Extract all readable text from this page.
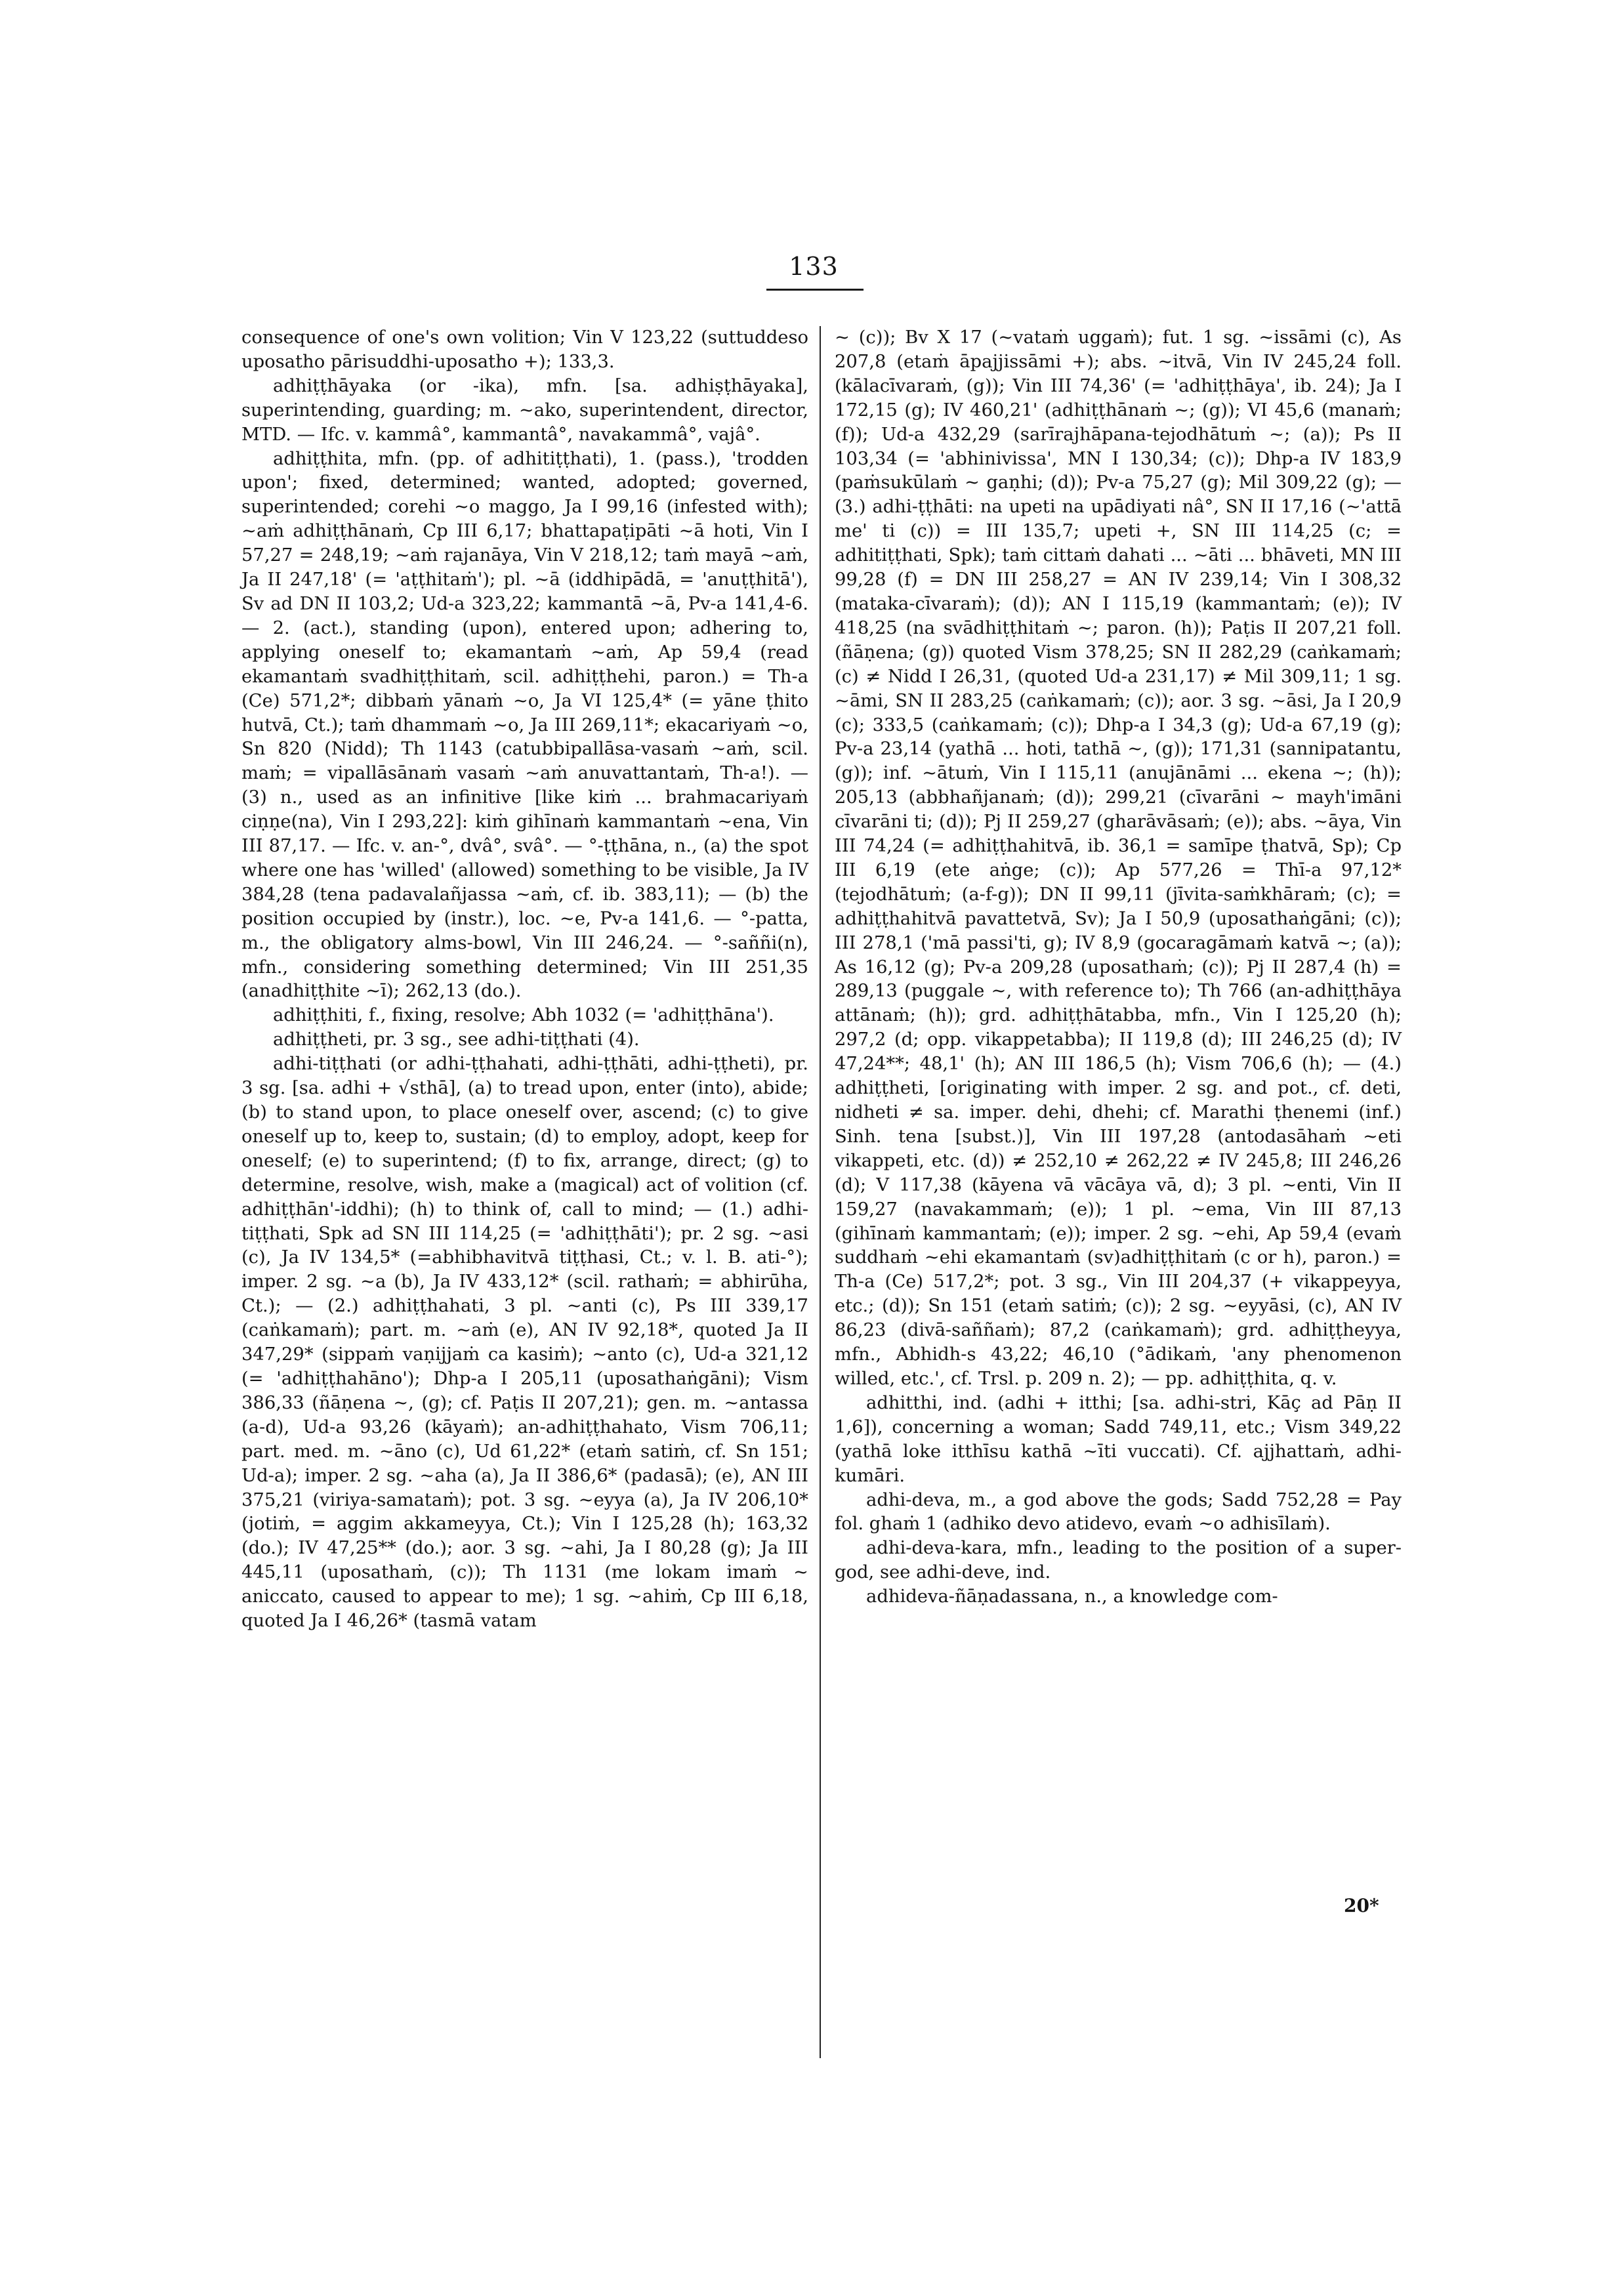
133

consequence of one's own volition; Vin V 123,22 (suttuddeso uposatho pārisuddhi-uposatho +); 133,3.

adhiṭṭhāyaka (or -ika), mfn. [sa. adhiṣṭhāyaka], superintending, guarding; m. ~ako, superintendent, director, MTD. — Ifc. v. kammâ°, kammantâ°, navakammâ°, vajâ°.

adhiṭṭhita, mfn. (pp. of adhitiṭṭhati), 1. (pass.), 'trodden upon'; fixed, determined; wanted, adopted; governed, superintended; corehi ~o maggo, Ja I 99,16 (infested with); ~aṁ adhiṭṭhānaṁ, Cp III 6,17; bhattapaṭipāti ~ā hoti, Vin I 57,27 = 248,19; ~aṁ rajanāya, Vin V 218,12; taṁ mayā ~aṁ, Ja II 247,18' (= 'aṭṭhitaṁ'); pl. ~ā (iddhipādā, = 'anuṭṭhitā'), Sv ad DN II 103,2; Ud-a 323,22; kammantā ~ā, Pv-a 141,4-6. — 2. (act.), standing (upon), entered upon; adhering to, applying oneself to; ekamantaṁ ~aṁ, Ap 59,4 (read ekamantaṁ svadhiṭṭhitaṁ, scil. adhiṭṭhehi, paron.) = Th-a (Ce) 571,2*; dibbaṁ yānaṁ ~o, Ja VI 125,4* (= yāne ṭhito hutvā, Ct.); taṁ dhammaṁ ~o, Ja III 269,11*; ekacariyaṁ ~o, Sn 820 (Nidd); Th 1143 (catubbipallāsa-vasaṁ ~aṁ, scil. maṁ; = vipallāsānaṁ vasaṁ ~aṁ anuvattantaṁ, Th-a!). — (3) n., used as an infinitive [like kiṁ ... brahmacariyaṁ ciṇṇe(na), Vin I 293,22]: kiṁ gihīnaṁ kammantaṁ ~ena, Vin III 87,17. — Ifc. v. an-°, dvâ°, svâ°. — °-ṭṭhāna, n., (a) the spot where one has 'willed' (allowed) something to be visible, Ja IV 384,28 (tena padavalañjassa ~aṁ, cf. ib. 383,11); — (b) the position occupied by (instr.), loc. ~e, Pv-a 141,6. — °-patta, m., the obligatory alms-bowl, Vin III 246,24. — °-saññi(n), mfn., considering something determined; Vin III 251,35 (anadhiṭṭhite ~ī); 262,13 (do.).

adhiṭṭhiti, f., fixing, resolve; Abh 1032 (= 'adhiṭṭhāna').

adhiṭṭheti, pr. 3 sg., see adhi-tiṭṭhati (4).

adhi-tiṭṭhati (or adhi-ṭṭhahati, adhi-ṭṭhāti, adhi-ṭṭheti), pr. 3 sg. [sa. adhi + √sthā], (a) to tread upon, enter (into), abide; (b) to stand upon, to place oneself over, ascend; (c) to give oneself up to, keep to, sustain; (d) to employ, adopt, keep for oneself; (e) to superintend; (f) to fix, arrange, direct; (g) to determine, resolve, wish, make a (magical) act of volition (cf. adhiṭṭhān'-iddhi); (h) to think of, call to mind; — (1.) adhi-tiṭṭhati, Spk ad SN III 114,25 (= 'adhiṭṭhāti'); pr. 2 sg. ~asi (c), Ja IV 134,5* (=abhibhavitvā tiṭṭhasi, Ct.; v. l. B. ati-°); imper. 2 sg. ~a (b), Ja IV 433,12* (scil. rathaṁ; = abhirūha, Ct.); — (2.) adhiṭṭhahati, 3 pl. ~anti (c), Ps III 339,17 (caṅkamaṁ); part. m. ~aṁ (e), AN IV 92,18*, quoted Ja II 347,29* (sippaṁ vaṇijjaṁ ca kasiṁ); ~anto (c), Ud-a 321,12 (= 'adhiṭṭhahāno'); Dhp-a I 205,11 (uposathaṅgāni); Vism 386,33 (ñāṇena ~, (g); cf. Paṭis II 207,21); gen. m. ~antassa (a-d), Ud-a 93,26 (kāyaṁ); an-adhiṭṭhahato, Vism 706,11; part. med. m. ~āno (c), Ud 61,22* (etaṁ satiṁ, cf. Sn 151; Ud-a); imper. 2 sg. ~aha (a), Ja II 386,6* (padasā); (e), AN III 375,21 (viriya-samataṁ); pot. 3 sg. ~eyya (a), Ja IV 206,10* (jotiṁ, = aggim akkameyya, Ct.); Vin I 125,28 (h); 163,32 (do.); IV 47,25** (do.); aor. 3 sg. ~ahi, Ja I 80,28 (g); Ja III 445,11 (uposathaṁ, (c)); Th 1131 (me lokam imaṁ ~ aniccato, caused to appear to me); 1 sg. ~ahiṁ, Cp III 6,18, quoted Ja I 46,26* (tasmā vatam

~ (c)); Bv X 17 (~vataṁ uggaṁ); fut. 1 sg. ~issāmi (c), As 207,8 (etaṁ āpajjissāmi +); abs. ~itvā, Vin IV 245,24 foll. (kālacīvaraṁ, (g)); Vin III 74,36' (= 'adhiṭṭhāya', ib. 24); Ja I 172,15 (g); IV 460,21' (adhiṭṭhānaṁ ~; (g)); VI 45,6 (manaṁ; (f)); Ud-a 432,29 (sarīrajhāpana-tejodhātuṁ ~; (a)); Ps II 103,34 (= 'abhinivissa', MN I 130,34; (c)); Dhp-a IV 183,9 (paṁsukūlaṁ ~ gaṇhi; (d)); Pv-a 75,27 (g); Mil 309,22 (g); — (3.) adhi-ṭṭhāti: na upeti na upādiyati nâ°, SN II 17,16 (~'attā me' ti (c)) = III 135,7; upeti +, SN III 114,25 (c; = adhitiṭṭhati, Spk); taṁ cittaṁ dahati ... ~āti ... bhāveti, MN III 99,28 (f) = DN III 258,27 = AN IV 239,14; Vin I 308,32 (mataka-cīvaraṁ); (d)); AN I 115,19 (kammantaṁ; (e)); IV 418,25 (na svādhiṭṭhitaṁ ~; paron. (h)); Paṭis II 207,21 foll. (ñāṇena; (g)) quoted Vism 378,25; SN II 282,29 (caṅkamaṁ; (c) ≠ Nidd I 26,31, (quoted Ud-a 231,17) ≠ Mil 309,11; 1 sg. ~āmi, SN II 283,25 (caṅkamaṁ; (c)); aor. 3 sg. ~āsi, Ja I 20,9 (c); 333,5 (caṅkamaṁ; (c)); Dhp-a I 34,3 (g); Ud-a 67,19 (g); Pv-a 23,14 (yathā ... hoti, tathā ~, (g)); 171,31 (sannipatantu, (g)); inf. ~ātuṁ, Vin I 115,11 (anujānāmi ... ekena ~; (h)); 205,13 (abbhañjanaṁ; (d)); 299,21 (cīvarāni ~ mayh'imāni cīvarāni ti; (d)); Pj II 259,27 (gharāvāsaṁ; (e)); abs. ~āya, Vin III 74,24 (= adhiṭṭhahitvā, ib. 36,1 = samīpe ṭhatvā, Sp); Cp III 6,19 (ete aṅge; (c)); Ap 577,26 = Thī-a 97,12* (tejodhātuṁ; (a-f-g)); DN II 99,11 (jīvita-saṁkhāraṁ; (c); = adhiṭṭhahitvā pavattetvā, Sv); Ja I 50,9 (uposathaṅgāni; (c)); III 278,1 ('mā passi'ti, g); IV 8,9 (gocaragāmaṁ katvā ~; (a)); As 16,12 (g); Pv-a 209,28 (uposathaṁ; (c)); Pj II 287,4 (h) = 289,13 (puggale ~, with reference to); Th 766 (an-adhiṭṭhāya attānaṁ; (h)); grd. adhiṭṭhātabba, mfn., Vin I 125,20 (h); 297,2 (d; opp. vikappetabba); II 119,8 (d); III 246,25 (d); IV 47,24**; 48,1' (h); AN III 186,5 (h); Vism 706,6 (h); — (4.) adhiṭṭheti, [originating with imper. 2 sg. and pot., cf. deti, nidheti ≠ sa. imper. dehi, dhehi; cf. Marathi ṭhenemi (inf.) Sinh. tena [subst.)], Vin III 197,28 (antodasāhaṁ ~eti vikappeti, etc. (d)) ≠ 252,10 ≠ 262,22 ≠ IV 245,8; III 246,26 (d); V 117,38 (kāyena vā vācāya vā, d); 3 pl. ~enti, Vin II 159,27 (navakammaṁ; (e)); 1 pl. ~ema, Vin III 87,13 (gihīnaṁ kammantaṁ; (e)); imper. 2 sg. ~ehi, Ap 59,4 (evaṁ suddhaṁ ~ehi ekamantaṁ (sv)adhiṭṭhitaṁ (c or h), paron.) = Th-a (Ce) 517,2*; pot. 3 sg., Vin III 204,37 (+ vikappeyya, etc.; (d)); Sn 151 (etaṁ satiṁ; (c)); 2 sg. ~eyyāsi, (c), AN IV 86,23 (divā-saññaṁ); 87,2 (caṅkamaṁ); grd. adhiṭṭheyya, mfn., Abhidh-s 43,22; 46,10 (°ādikaṁ, 'any phenomenon willed, etc.', cf. Trsl. p. 209 n. 2); — pp. adhiṭṭhita, q. v.

adhitthi, ind. (adhi + itthi; [sa. adhi-stri, Kāç ad Pāṇ II 1,6]), concerning a woman; Sadd 749,11, etc.; Vism 349,22 (yathā loke itthīsu kathā ~īti vuccati). Cf. ajjhattaṁ, adhi-kumāri.

adhi-deva, m., a god above the gods; Sadd 752,28 = Pay fol. ghaṁ 1 (adhiko devo atidevo, evaṁ ~o adhisīlaṁ).

adhi-deva-kara, mfn., leading to the position of a super-god, see adhi-deve, ind.

adhideva-ñāṇadassana, n., a knowledge com-

20*
